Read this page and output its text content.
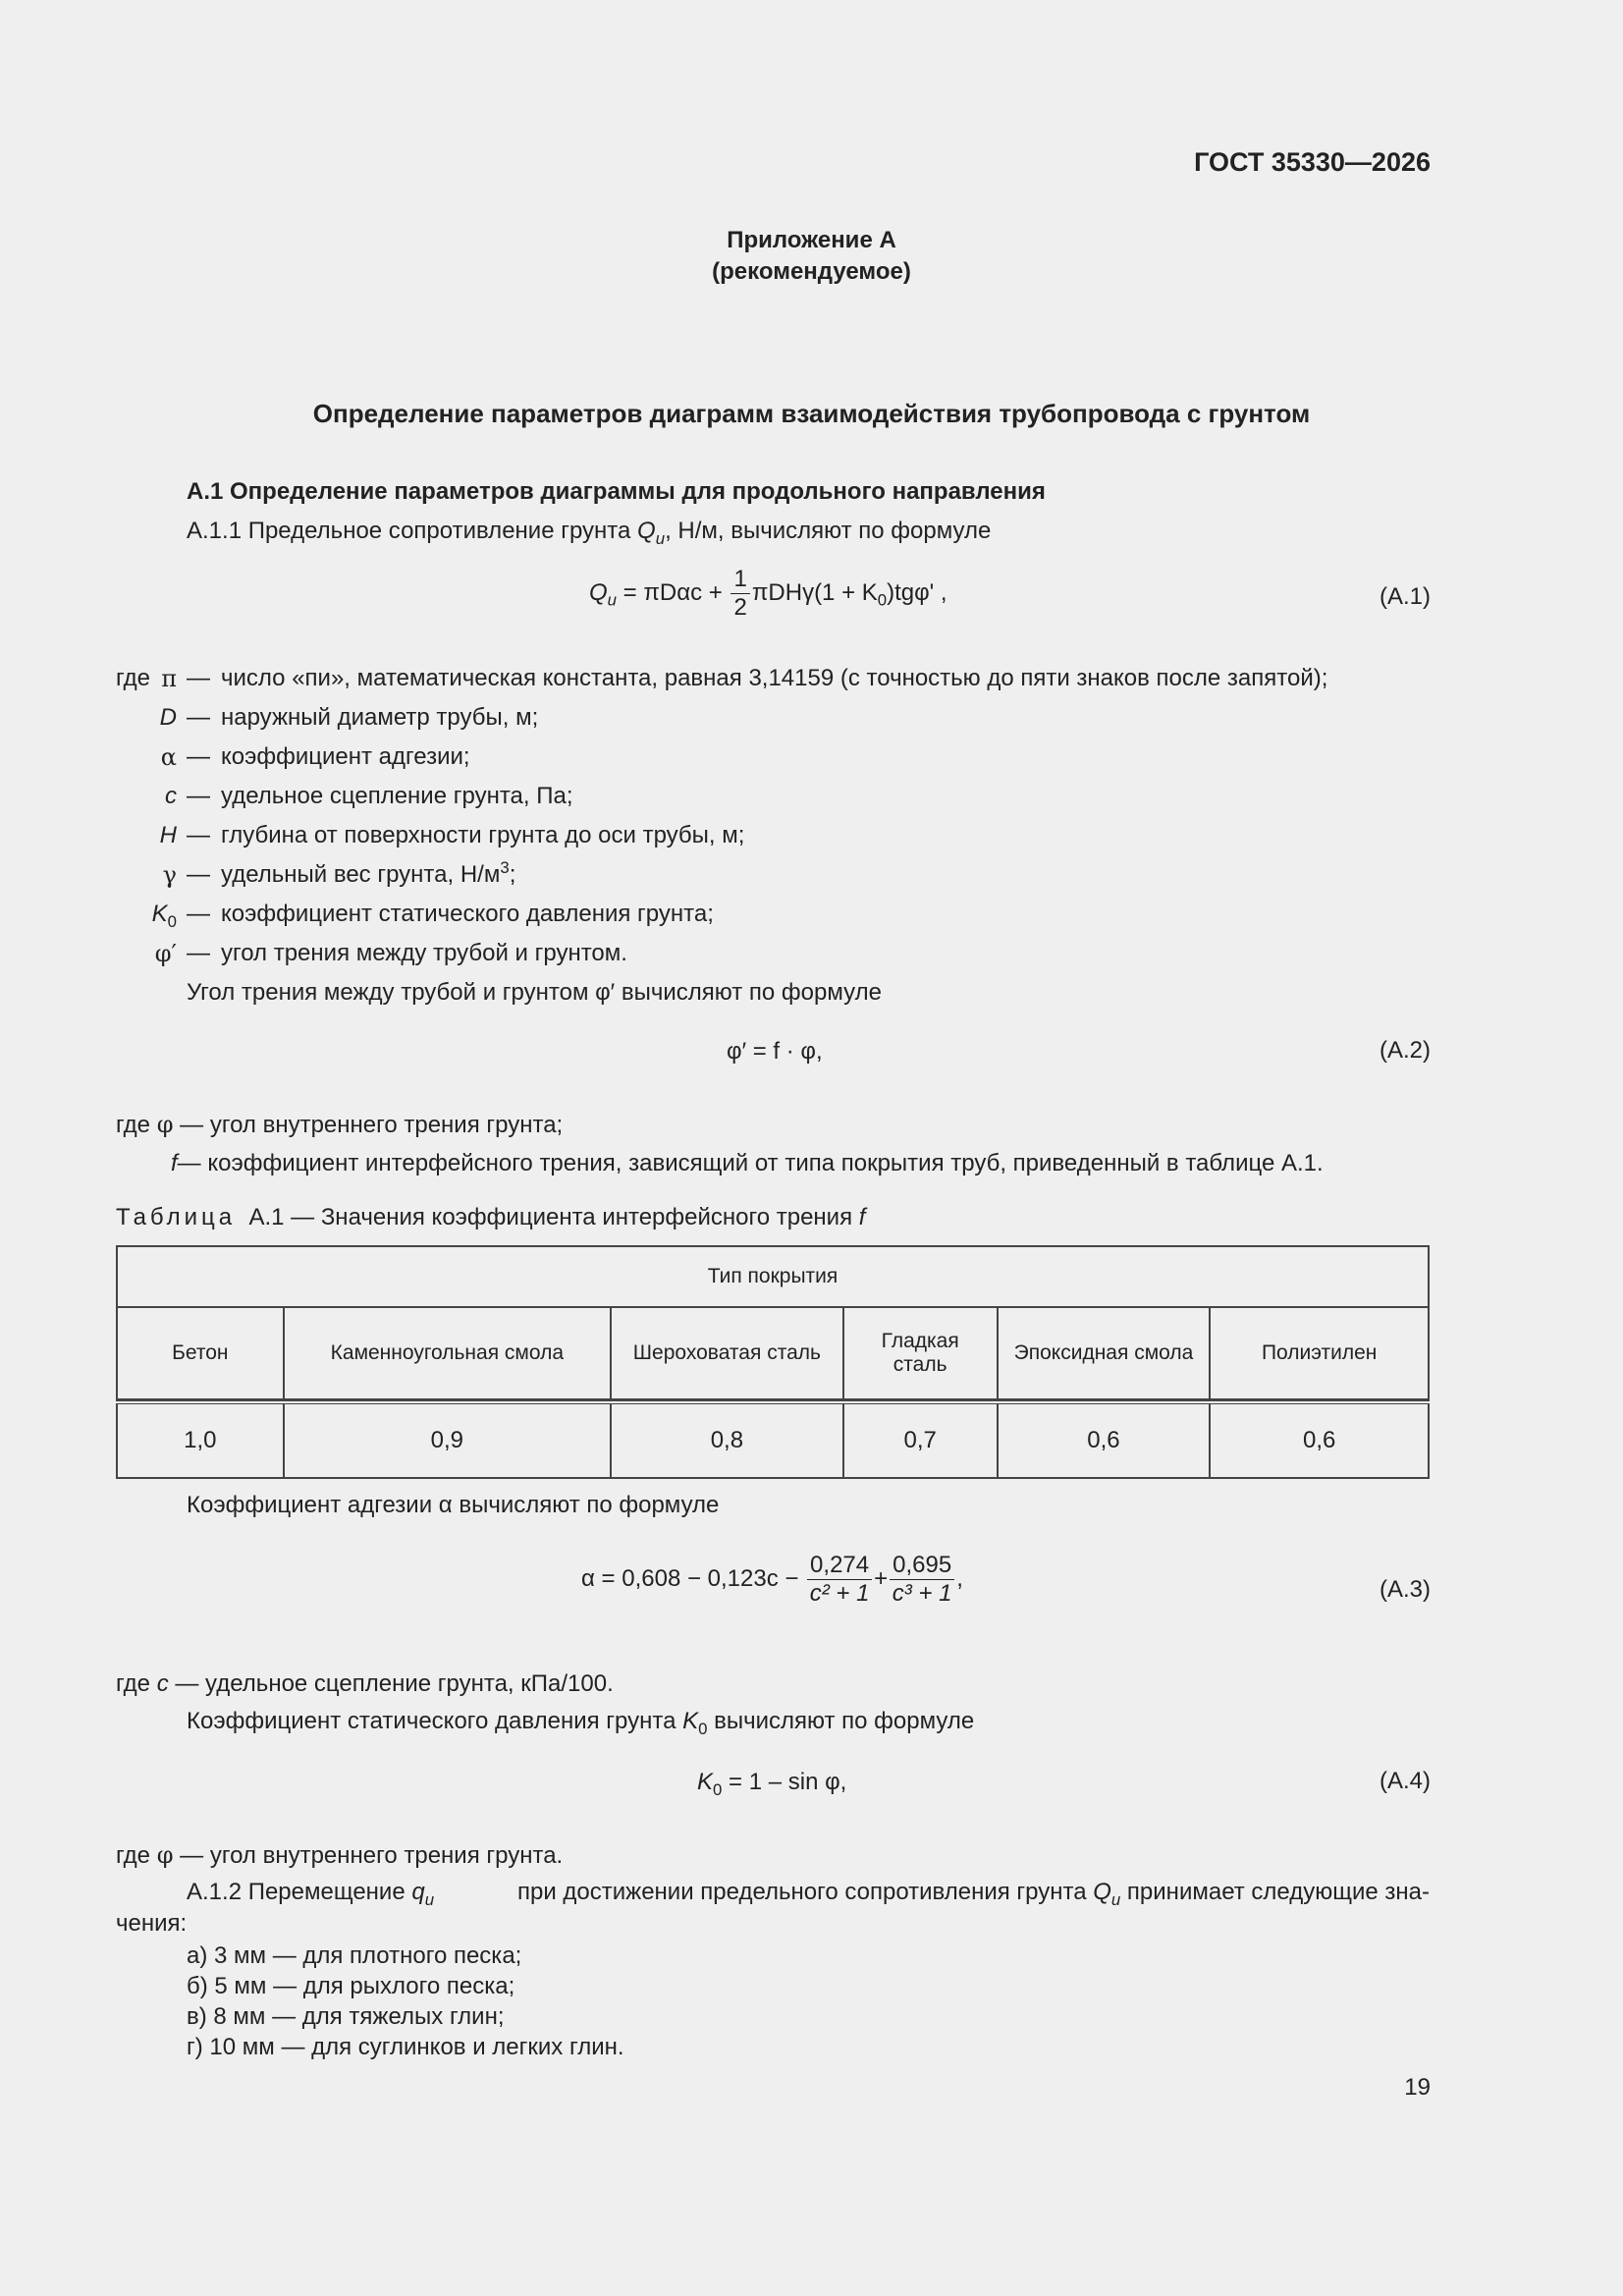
ГОСТ 35330—2026
Приложение А
(рекомендуемое)
Определение параметров диаграмм взаимодействия трубопровода с грунтом
А.1 Определение параметров диаграммы для продольного направления
А.1.1 Предельное сопротивление грунта $Q_u$, Н/м, вычисляют по формуле
$Q_u = \pi D\alpha c + \frac{1}{2} \pi DH\gamma(1 + K_0)tg\varphi'$ ,	(А.1)
где π — число «пи», математическая константа, равная 3,14159 (с точностью до пяти знаков после запятой);
D — наружный диаметр трубы, м;
α — коэффициент адгезии;
c — удельное сцепление грунта, Па;
H — глубина от поверхности грунта до оси трубы, м;
γ — удельный вес грунта, $Н/м^3$;
$K_0$ — коэффициент статического давления грунта;
φ′ — угол трения между трубой и грунтом.
Угол трения между трубой и грунтом φ′ вычисляют по формуле
φ′ = f · φ,	(А.2)
где φ — угол внутреннего трения грунта;
f— коэффициент интерфейсного трения, зависящий от типа покрытия труб, приведенный в таблице А.1.
Таблица А.1 — Значения коэффициента интерфейсного трения f
Тип покрытия					
Бетон	Каменноугольная смола	Шероховатая сталь	Гладкая сталь	Эпоксидная смола	Полиэтилен

1,0	0,9	0,8	0,7	0,6	0,6
Коэффициент адгезии α вычисляют по формуле
$\alpha = 0,608 - 0,123c - \frac{0,274}{\text{c² + 1}} + \frac{0,695}{\text{c³ + 1}}$ ,	(А.3)
где c — удельное сцепление грунта, кПа/100.
Коэффициент статического давления грунта $K_0$ вычисляют по формуле
$K_0 = 1 - \sin \varphi$,	(А.4)
где φ — угол внутреннего трения грунта.
А.1.2 Перемещение $q_u$	при достижении предельного сопротивления грунта $Q_u$ принимает следующие зна-
чения:
а) 3 мм — для плотного песка;
б) 5 мм — для рыхлого песка;
в) 8 мм — для тяжелых глин;
г) 10 мм — для суглинков и легких глин.
19
